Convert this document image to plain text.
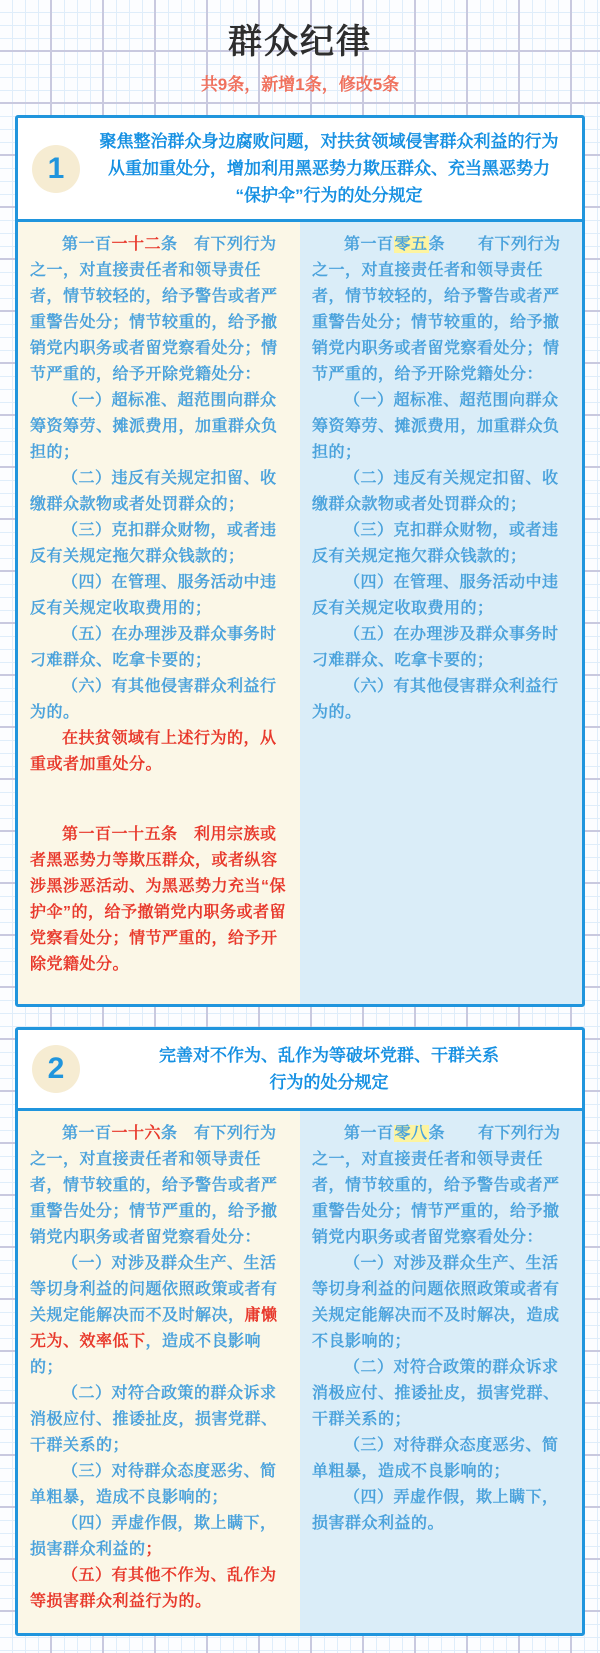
群众纪律
共9条，新增1条，修改5条
1
聚焦整治群众身边腐败问题，对扶贫领域侵害群众利益的行为
从重加重处分，增加利用黑恶势力欺压群众、充当黑恶势力
“保护伞”行为的处分规定

第一百一十二条　有下列行为之一，对直接责任者和领导责任者，情节较轻的，给予警告或者严重警告处分；情节较重的，给予撤销党内职务或者留党察看处分；情节严重的，给予开除党籍处分：

（一）超标准、超范围向群众筹资筹劳、摊派费用，加重群众负担的；

（二）违反有关规定扣留、收缴群众款物或者处罚群众的；

（三）克扣群众财物，或者违反有关规定拖欠群众钱款的；

（四）在管理、服务活动中违反有关规定收取费用的；

（五）在办理涉及群众事务时刁难群众、吃拿卡要的；

（六）有其他侵害群众利益行为的。

在扶贫领域有上述行为的，从重或者加重处分。

第一百一十五条　利用宗族或者黑恶势力等欺压群众，或者纵容涉黑涉恶活动、为黑恶势力充当“保护伞”的，给予撤销党内职务或者留党察看处分；情节严重的，给予开除党籍处分。

第一百零五条　　有下列行为之一，对直接责任者和领导责任者，情节较轻的，给予警告或者严重警告处分；情节较重的，给予撤销党内职务或者留党察看处分；情节严重的，给予开除党籍处分：

（一）超标准、超范围向群众筹资筹劳、摊派费用，加重群众负担的；

（二）违反有关规定扣留、收缴群众款物或者处罚群众的；

（三）克扣群众财物，或者违反有关规定拖欠群众钱款的；

（四）在管理、服务活动中违反有关规定收取费用的；

（五）在办理涉及群众事务时刁难群众、吃拿卡要的；

（六）有其他侵害群众利益行为的。

2	完善对不作为、乱作为等破坏党群、干群关系
行为的处分规定

第一百一十六条　有下列行为之一，对直接责任者和领导责任者，情节较重的，给予警告或者严重警告处分；情节严重的，给予撤销党内职务或者留党察看处分：

（一）对涉及群众生产、生活等切身利益的问题依照政策或者有关规定能解决而不及时解决，庸懒无为、效率低下，造成不良影响的；

（二）对符合政策的群众诉求消极应付、推诿扯皮，损害党群、干群关系的；

（三）对待群众态度恶劣、简单粗暴，造成不良影响的；

（四）弄虚作假，欺上瞒下，损害群众利益的；

（五）有其他不作为、乱作为等损害群众利益行为的。

第一百零八条　　有下列行为之一，对直接责任者和领导责任者，情节较重的，给予警告或者严重警告处分；情节严重的，给予撤销党内职务或者留党察看处分：

（一）对涉及群众生产、生活等切身利益的问题依照政策或者有关规定能解决而不及时解决，造成不良影响的；

（二）对符合政策的群众诉求消极应付、推诿扯皮，损害党群、干群关系的；

（三）对待群众态度恶劣、简单粗暴，造成不良影响的；

（四）弄虚作假，欺上瞒下，损害群众利益的。
